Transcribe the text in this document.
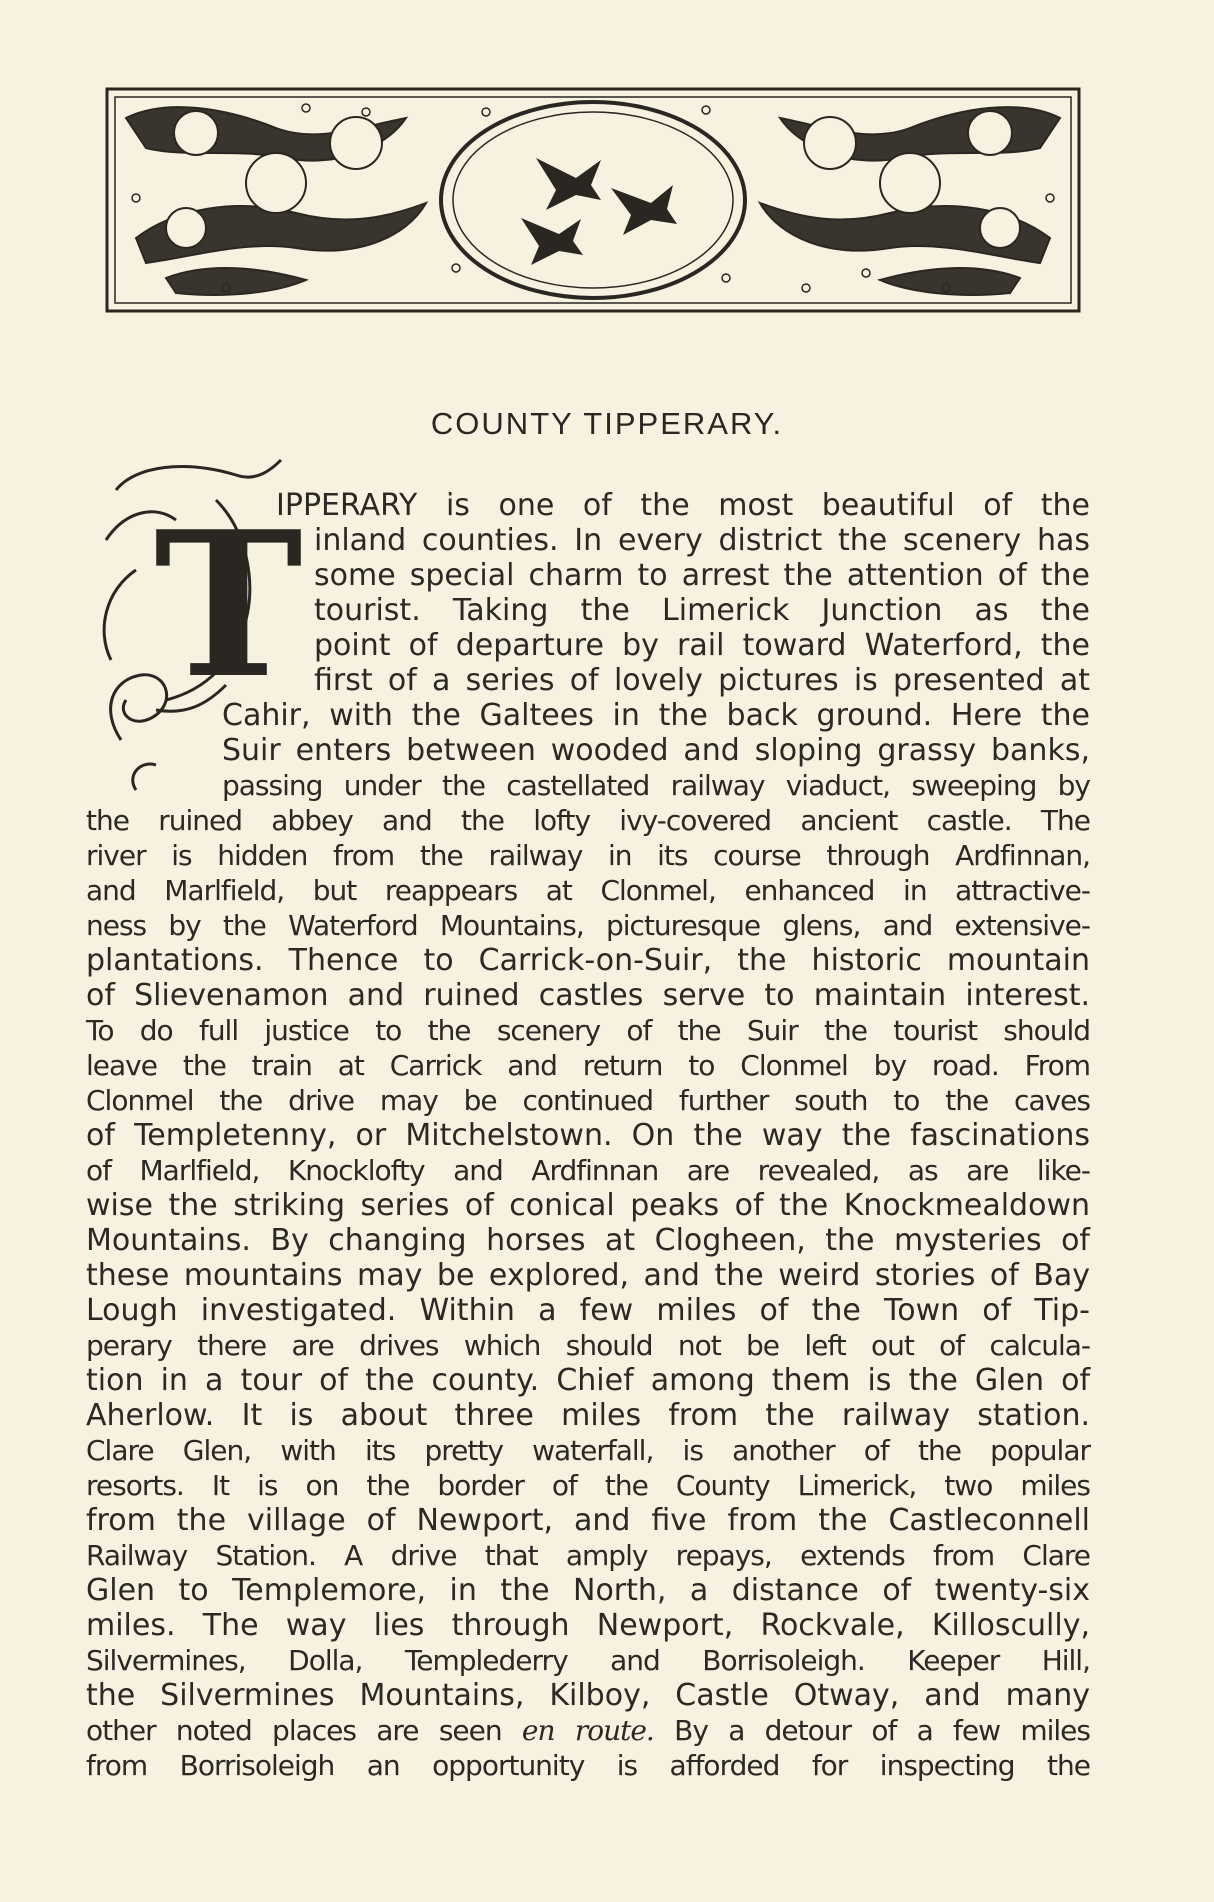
COUNTY TIPPERARY.
T
IPPERARY is one of the most beautiful of the
inland counties. In every district the scenery has
some special charm to arrest the attention of the
tourist. Taking the Limerick Junction as the
point of departure by rail toward Waterford, the
first of a series of lovely pictures is presented at
Cahir, with the Galtees in the back ground. Here the
Suir enters between wooded and sloping grassy banks,
passing under the castellated railway viaduct, sweeping by
the ruined abbey and the lofty ivy-covered ancient castle. The
river is hidden from the railway in its course through Ardfinnan,
and Marlfield, but reappears at Clonmel, enhanced in attractive-
ness by the Waterford Mountains, picturesque glens, and extensive-
plantations. Thence to Carrick-on-Suir, the historic mountain
of Slievenamon and ruined castles serve to maintain interest.
To do full justice to the scenery of the Suir the tourist should
leave the train at Carrick and return to Clonmel by road. From
Clonmel the drive may be continued further south to the caves
of Templetenny, or Mitchelstown. On the way the fascinations
of Marlfield, Knocklofty and Ardfinnan are revealed, as are like-
wise the striking series of conical peaks of the Knockmealdown
Mountains. By changing horses at Clogheen, the mysteries of
these mountains may be explored, and the weird stories of Bay
Lough investigated. Within a few miles of the Town of Tip-
perary there are drives which should not be left out of calcula-
tion in a tour of the county. Chief among them is the Glen of
Aherlow. It is about three miles from the railway station.
Clare Glen, with its pretty waterfall, is another of the popular
resorts. It is on the border of the County Limerick, two miles
from the village of Newport, and five from the Castleconnell
Railway Station. A drive that amply repays, extends from Clare
Glen to Templemore, in the North, a distance of twenty-six
miles. The way lies through Newport, Rockvale, Killoscully,
Silvermines, Dolla, Templederry and Borrisoleigh. Keeper Hill,
the Silvermines Mountains, Kilboy, Castle Otway, and many
other noted places are seen en route. By a detour of a few miles
from Borrisoleigh an opportunity is afforded for inspecting the
